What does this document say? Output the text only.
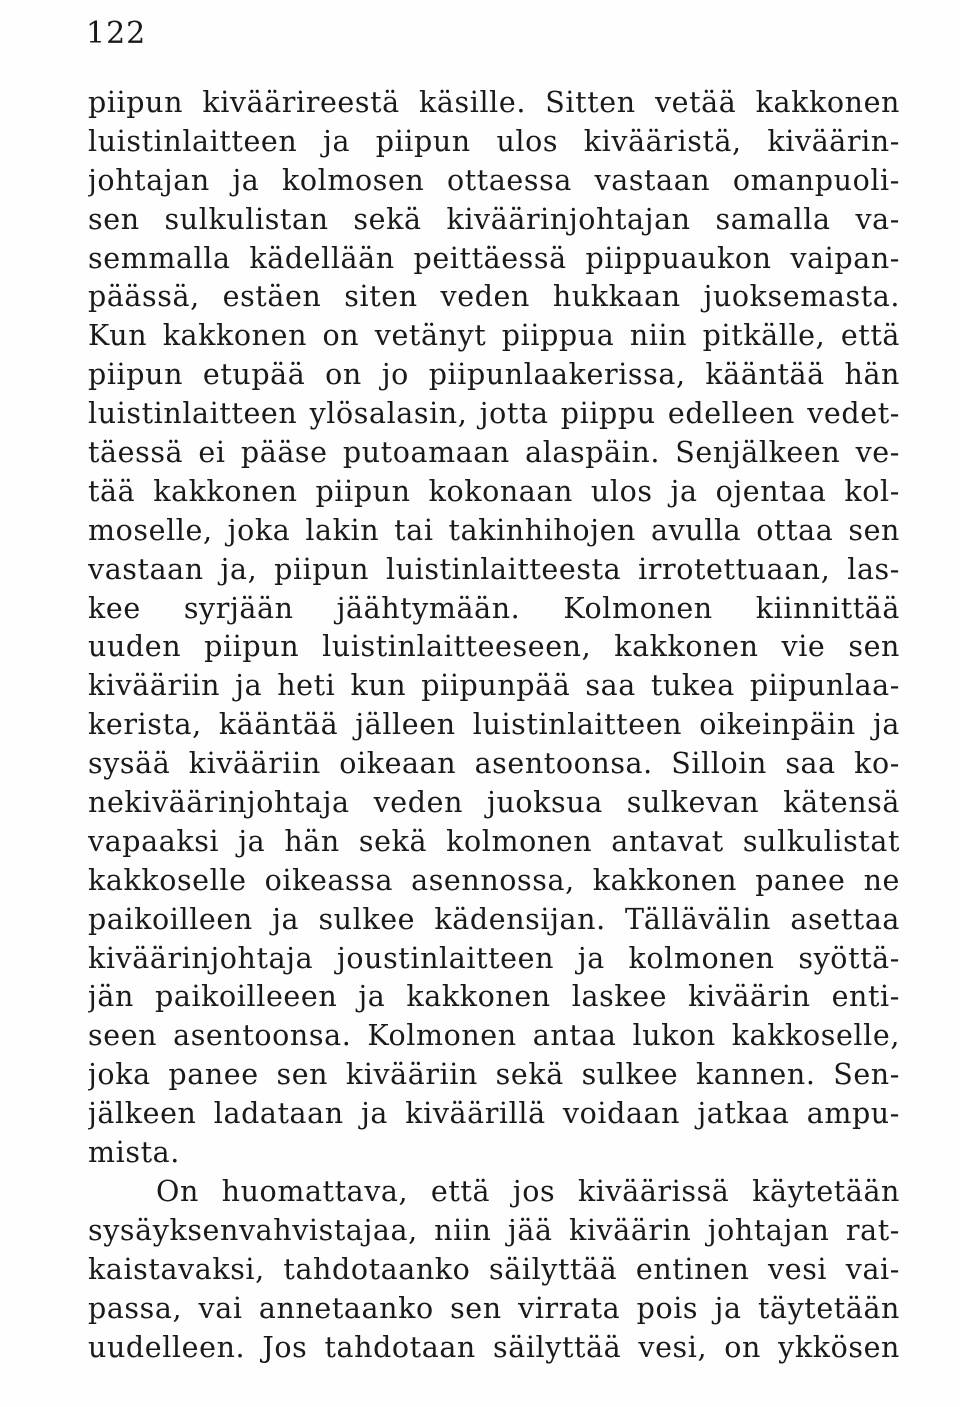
122
piipun kiväärireestä käsille. Sitten vetää kakkonen
luistinlaitteen ja piipun ulos kivääristä, kiväärin-
johtajan ja kolmosen ottaessa vastaan omanpuoli-
sen sulkulistan sekä kiväärinjohtajan samalla va-
semmalla kädellään peittäessä piippuaukon vaipan-
päässä, estäen siten veden hukkaan juoksemasta.
Kun kakkonen on vetänyt piippua niin pitkälle, että
piipun etupää on jo piipunlaakerissa, kääntää hän
luistinlaitteen ylösalasin, jotta piippu edelleen vedet-
täessä ei pääse putoamaan alaspäin. Senjälkeen ve-
tää kakkonen piipun kokonaan ulos ja ojentaa kol-
moselle, joka lakin tai takinhihojen avulla ottaa sen
vastaan ja, piipun luistinlaitteesta irrotettuaan, las-
kee syrjään jäähtymään. Kolmonen kiinnittää
uuden piipun luistinlaitteeseen, kakkonen vie sen
kivääriin ja heti kun piipunpää saa tukea piipunlaa-
kerista, kääntää jälleen luistinlaitteen oikeinpäin ja
sysää kivääriin oikeaan asentoonsa. Silloin saa ko-
nekiväärinjohtaja veden juoksua sulkevan kätensä
vapaaksi ja hän sekä kolmonen antavat sulkulistat
kakkoselle oikeassa asennossa, kakkonen panee ne
paikoilleen ja sulkee kädensijan. Tällävälin asettaa
kiväärinjohtaja joustinlaitteen ja kolmonen syöttä-
jän paikoilleeen ja kakkonen laskee kiväärin enti-
seen asentoonsa. Kolmonen antaa lukon kakkoselle,
joka panee sen kivääriin sekä sulkee kannen. Sen-
jälkeen ladataan ja kiväärillä voidaan jatkaa ampu-
mista.
On huomattava, että jos kiväärissä käytetään
sysäyksenvahvistajaa, niin jää kiväärin johtajan rat-
kaistavaksi, tahdotaanko säilyttää entinen vesi vai-
passa, vai annetaanko sen virrata pois ja täytetään
uudelleen. Jos tahdotaan säilyttää vesi, on ykkösen
